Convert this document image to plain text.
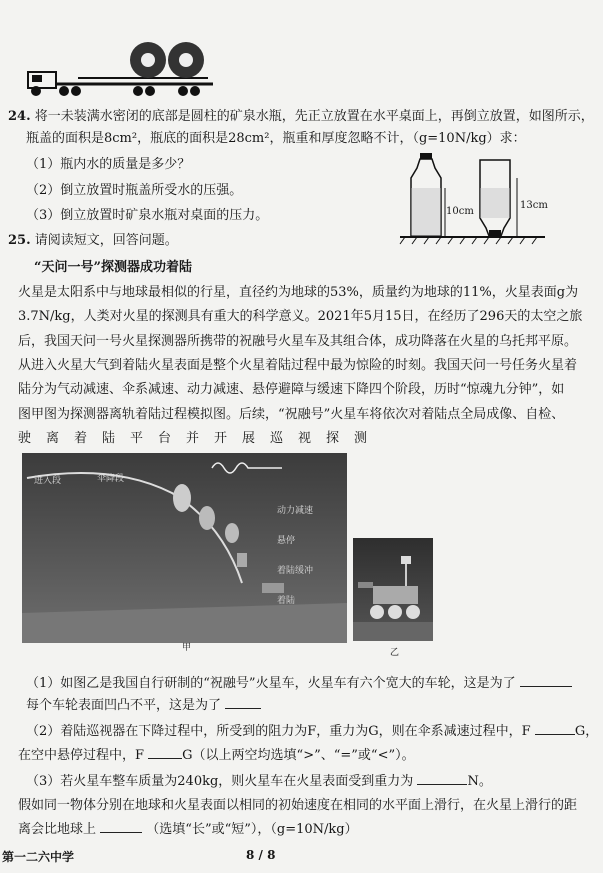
24. 将一未装满水密闭的底部是圆柱的矿泉水瓶，先正立放置在水平桌面上，再倒立放置，如图所示，
瓶盖的面积是8cm²，瓶底的面积是28cm²，瓶重和厚度忽略不计，（g=10N/kg）求：
（1）瓶内水的质量是多少？
（2）倒立放置时瓶盖所受水的压强。
（3）倒立放置时矿泉水瓶对桌面的压力。	10cm
13cm
25. 请阅读短文，回答问题。
“天问一号”探测器成功着陆
火星是太阳系中与地球最相似的行星，直径约为地球的53%，质量约为地球的11%，火星表面g为
3.7N/kg，人类对火星的探测具有重大的科学意义。2021年5月15日，在经历了296天的太空之旅
后，我国天问一号火星探测器所携带的祝融号火星车及其组合体，成功降落在火星的乌托邦平原。
从进入火星大气到着陆火星表面是整个火星着陆过程中最为惊险的时刻。我国天问一号任务火星着
陆分为气动减速、伞系减速、动力减速、悬停避障与缓速下降四个阶段，历时“惊魂九分钟”，如
图甲图为探测器离轨着陆过程模拟图。后续，“祝融号”火星车将依次对着陆点全局成像、自检、
驶　离　着　陆　平　台　并　开　展　巡　视　探　测
进入段	伞降段
动力减速
悬停
着陆缓冲
着陆
甲	乙
（1）如图乙是我国自行研制的“祝融号”火星车，火星车有六个宽大的车轮，这是为了
每个车轮表面凹凸不平，这是为了
（2）着陆巡视器在下降过程中，所受到的阻力为F，重力为G，则在伞系减速过程中，F	G，
在空中悬停过程中，F	G（以上两空均选填“>”、“=”或“<”）。
（3）若火星车整车质量为240kg，则火星车在火星表面受到重力为	N。
假如同一物体分别在地球和火星表面以相同的初始速度在相同的水平面上滑行，在火星上滑行的距
离会比地球上	（选填“长”或“短”），（g=10N/kg）
第一二六中学	8 / 8
